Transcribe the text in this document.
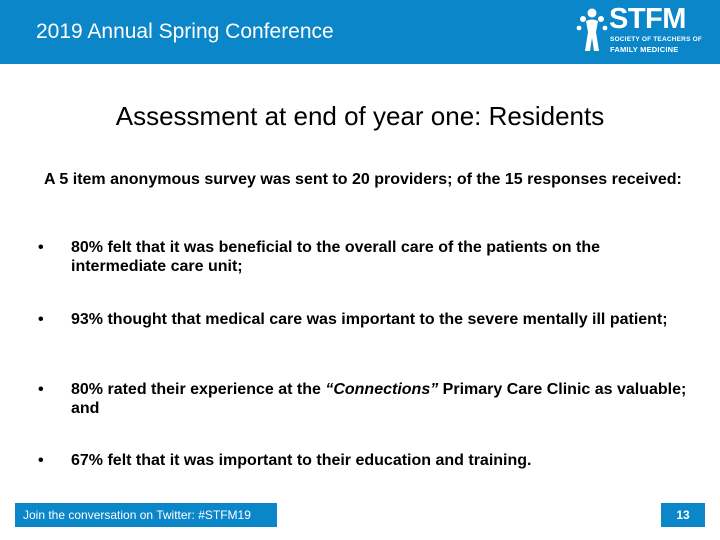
2019 Annual Spring Conference	STFM
SOCIETY OF TEACHERS OF
FAMILY MEDICINE
Assessment at end of year one: Residents
A 5 item anonymous survey was sent to 20 providers; of the 15 responses received:
•	80% felt that it was beneficial to the overall care of the patients on the intermediate care unit;
•	93% thought that medical care was important to the severe mentally ill patient;
•	80% rated their experience at the “Connections” Primary Care Clinic as valuable; and
•	67% felt that it was important to their education and training.
Join the conversation on Twitter: #STFM19	13
